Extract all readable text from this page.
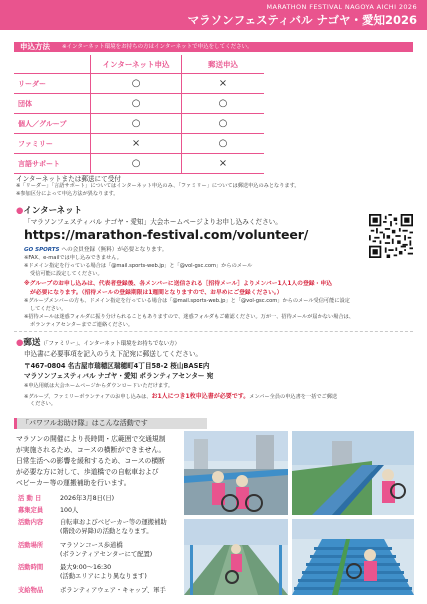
MARATHON FESTIVAL NAGOYA AICHI 2026
マラソンフェスティバル ナゴヤ・愛知2026
申込方法 ※インターネット環境をお持ちの方はインターネットで申込をしてください。
	インターネット申込	郵送申込
リーダー	○	×
団体	○	○
個人／グループ	○	○
ファミリー	×	○
言語サポート	○	×
インターネットまたは郵送にて受付
※「リーダー」「言語サポート」についてはインターネット申込のみ、「ファミリー」については郵送申込のみとなります。
※参加区分によって申込方法が異なります。
●インターネット
「マラソンフェスティバル ナゴヤ・愛知」大会ホームページよりお申し込みください。
https://marathon-festival.com/volunteer/
GO SPORTS への会員登録（無料）が必要となります。
※FAX、e-mailでは申し込みできません。
※ドメイン指定を行っている場合は「@mail.sports-web.jp」と「@vol-gsc.com」からのメール
受信可能に設定してください。
※グループのお申し込みは、代表者登録後、各メンバーに送信される［招待メール］よりメンバー1人1人の登録・申込
が必要になります。（招待メールの登録期限は1週間となりますので、お早めにご登録ください。）
※グループメンバーの方も、ドメイン指定を行っている場合は「@mail.sports-web.jp」と「@vol-gsc.com」からのメール受信可能に設定
してください。
※招待メールは迷惑フォルダに振り分けられることもありますので、迷惑フォルダもご確認ください。万が一、招待メールが届かない場合は、
ボランティアセンターまでご連絡ください。
●郵送（「ファミリー」、インターネット環境をお持ちでない方）
申込書に必要事項を記入のうえ下記宛に郵送してください。
〒467-0804 名古屋市瑞穂区瑞穂町4丁目58-2 桜山BASE内
マラソンフェスティバル ナゴヤ・愛知 ボランティアセンター 宛
※申込用紙は大会ホームページからダウンロードいただけます。
※グループ、ファミリーボランティアのお申し込みは、お1人につき1枚申込書が必要です。メンバー全員の申込書を一括でご郵送
ください。
「パワフルお助け隊」はこんな活動です
マラソンの開催により長時間・広範囲で交通規制
が実施されるため、コースの横断ができません。
日常生活への影響を緩和するため、コースの横断
が必要な方に対して、歩道橋での自転車および
ベビーカー等の運搬補助を行います。
活 動 日	2026年3月8日(日)
募集定員	100人
活動内容	自転車およびベビーカー等の運搬補助
(階段の昇降)の活動となります。
活動場所	マラソンコース歩道橋
(ボランティアセンターにて配置)
活動時間	最大9:00〜16:30
(活動エリアにより異なります)
支給物品	ボランティアウェア・キャップ、軍手
